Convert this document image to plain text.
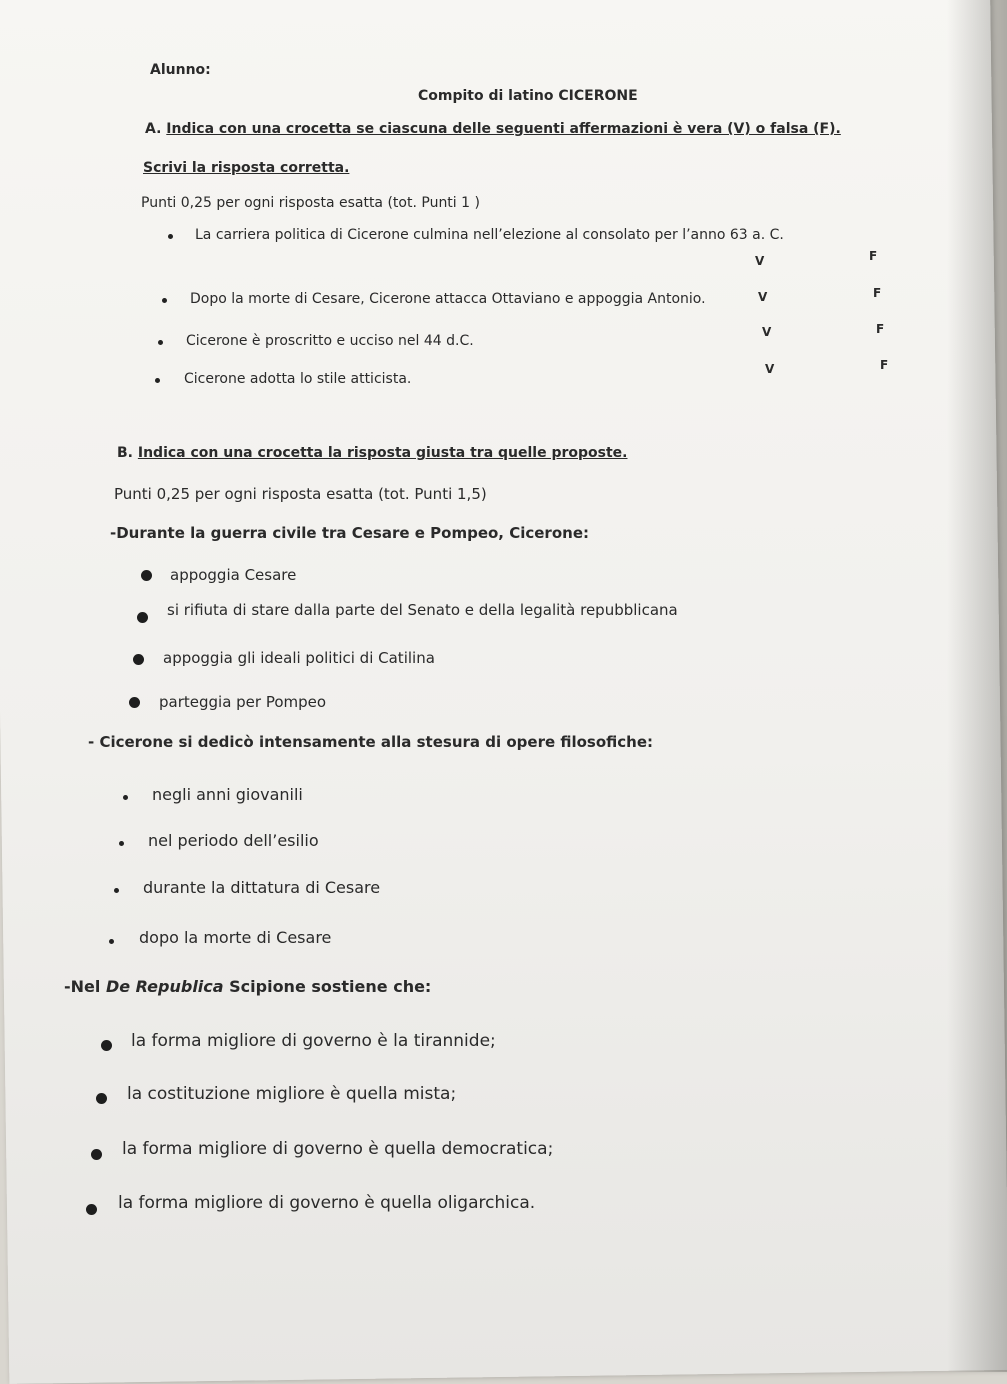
Alunno:
Compito di latino CICERONE
A. Indica con una crocetta se ciascuna delle seguenti affermazioni è vera (V) o falsa (F).
Scrivi la risposta corretta.
Punti 0,25 per ogni risposta esatta (tot. Punti 1 )
La carriera politica di Cicerone culmina nell’elezione al consolato per l’anno 63 a. C.
V	F
Dopo la morte di Cesare, Cicerone attacca Ottaviano e appoggia Antonio.	V	F
Cicerone è proscritto e ucciso nel 44 d.C.
V	F
Cicerone adotta lo stile atticista.
V	F
B. Indica con una crocetta la risposta giusta tra quelle proposte.
Punti 0,25 per ogni risposta esatta (tot. Punti 1,5)
-Durante la guerra civile tra Cesare e Pompeo, Cicerone:
appoggia Cesare
si rifiuta di stare dalla parte del Senato e della legalità repubblicana
appoggia gli ideali politici di Catilina
parteggia per Pompeo
- Cicerone si dedicò intensamente alla stesura di opere filosofiche:
negli anni giovanili
nel periodo dell’esilio
durante la dittatura di Cesare
dopo la morte di Cesare
-Nel De Republica Scipione sostiene che:
la forma migliore di governo è la tirannide;
la costituzione migliore è quella mista;
la forma migliore di governo è quella democratica;
la forma migliore di governo è quella oligarchica.
